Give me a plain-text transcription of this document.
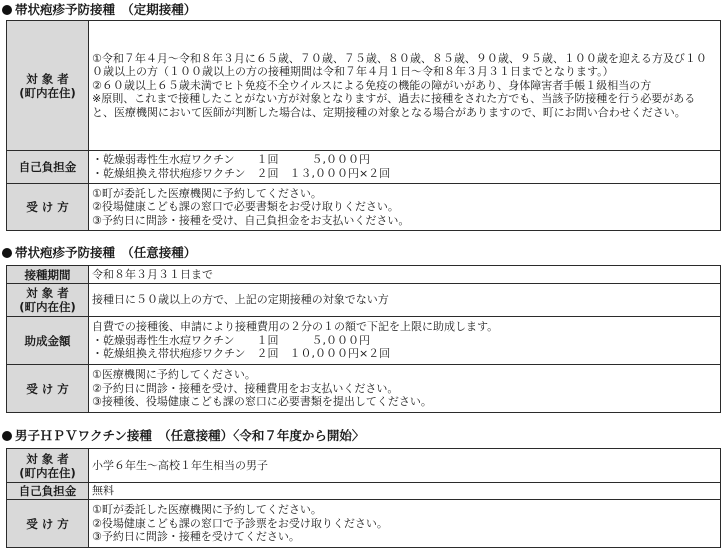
帯状疱疹予防接種　（定期接種）
対 象 者
(町内在住)	①令和７年４月～令和８年３月に６５歳、７０歳、７５歳、８０歳、８５歳、９０歳、９５歳、１００歳を迎える方及び１００歳以上の方（１００歳以上の方の接種期間は令和７年４月１日～令和８年３月３１日までとなります。）
②６０歳以上６５歳未満でヒト免疫不全ウイルスによる免疫の機能の障がいがあり、身体障害者手帳１級相当の方
※原則、これまで接種したことがない方が対象となりますが、過去に接種をされた方でも、当該予防接種を行う必要があると、医療機関において医師が判断した場合は、定期接種の対象となる場合がありますので、町にお問い合わせください。

自己負担金	・乾燥弱毒性生水痘ワクチン　　１回　　　５,０００円
・乾燥組換え帯状疱疹ワクチン　２回　１３,０００円×２回

受 け 方	①町が委託した医療機関に予約してください。
②役場健康こども課の窓口で必要書類をお受け取りください。
③予約日に問診・接種を受け、自己負担金をお支払いください。
帯状疱疹予防接種　（任意接種）
接種期間	令和８年３月３１日まで

対 象 者
(町内在住)	接種日に５０歳以上の方で、上記の定期接種の対象でない方

助成金額	自費での接種後、申請により接種費用の２分の１の額で下記を上限に助成します。
・乾燥弱毒性生水痘ワクチン　　１回　　　５,０００円
・乾燥組換え帯状疱疹ワクチン　２回　１０,０００円×２回

受 け 方	①医療機関に予約してください。
②予約日に問診・接種を受け、接種費用をお支払いください。
③接種後、役場健康こども課の窓口に必要書類を提出してください。
男子ＨＰＶワクチン接種　（任意接種）〈令和７年度から開始〉
対 象 者
(町内在住)	小学６年生～高校１年生相当の男子

自己負担金	無料

受 け 方	①町が委託した医療機関に予約してください。
②役場健康こども課の窓口で予診票をお受け取りください。
③予約日に問診・接種を受けてください。
